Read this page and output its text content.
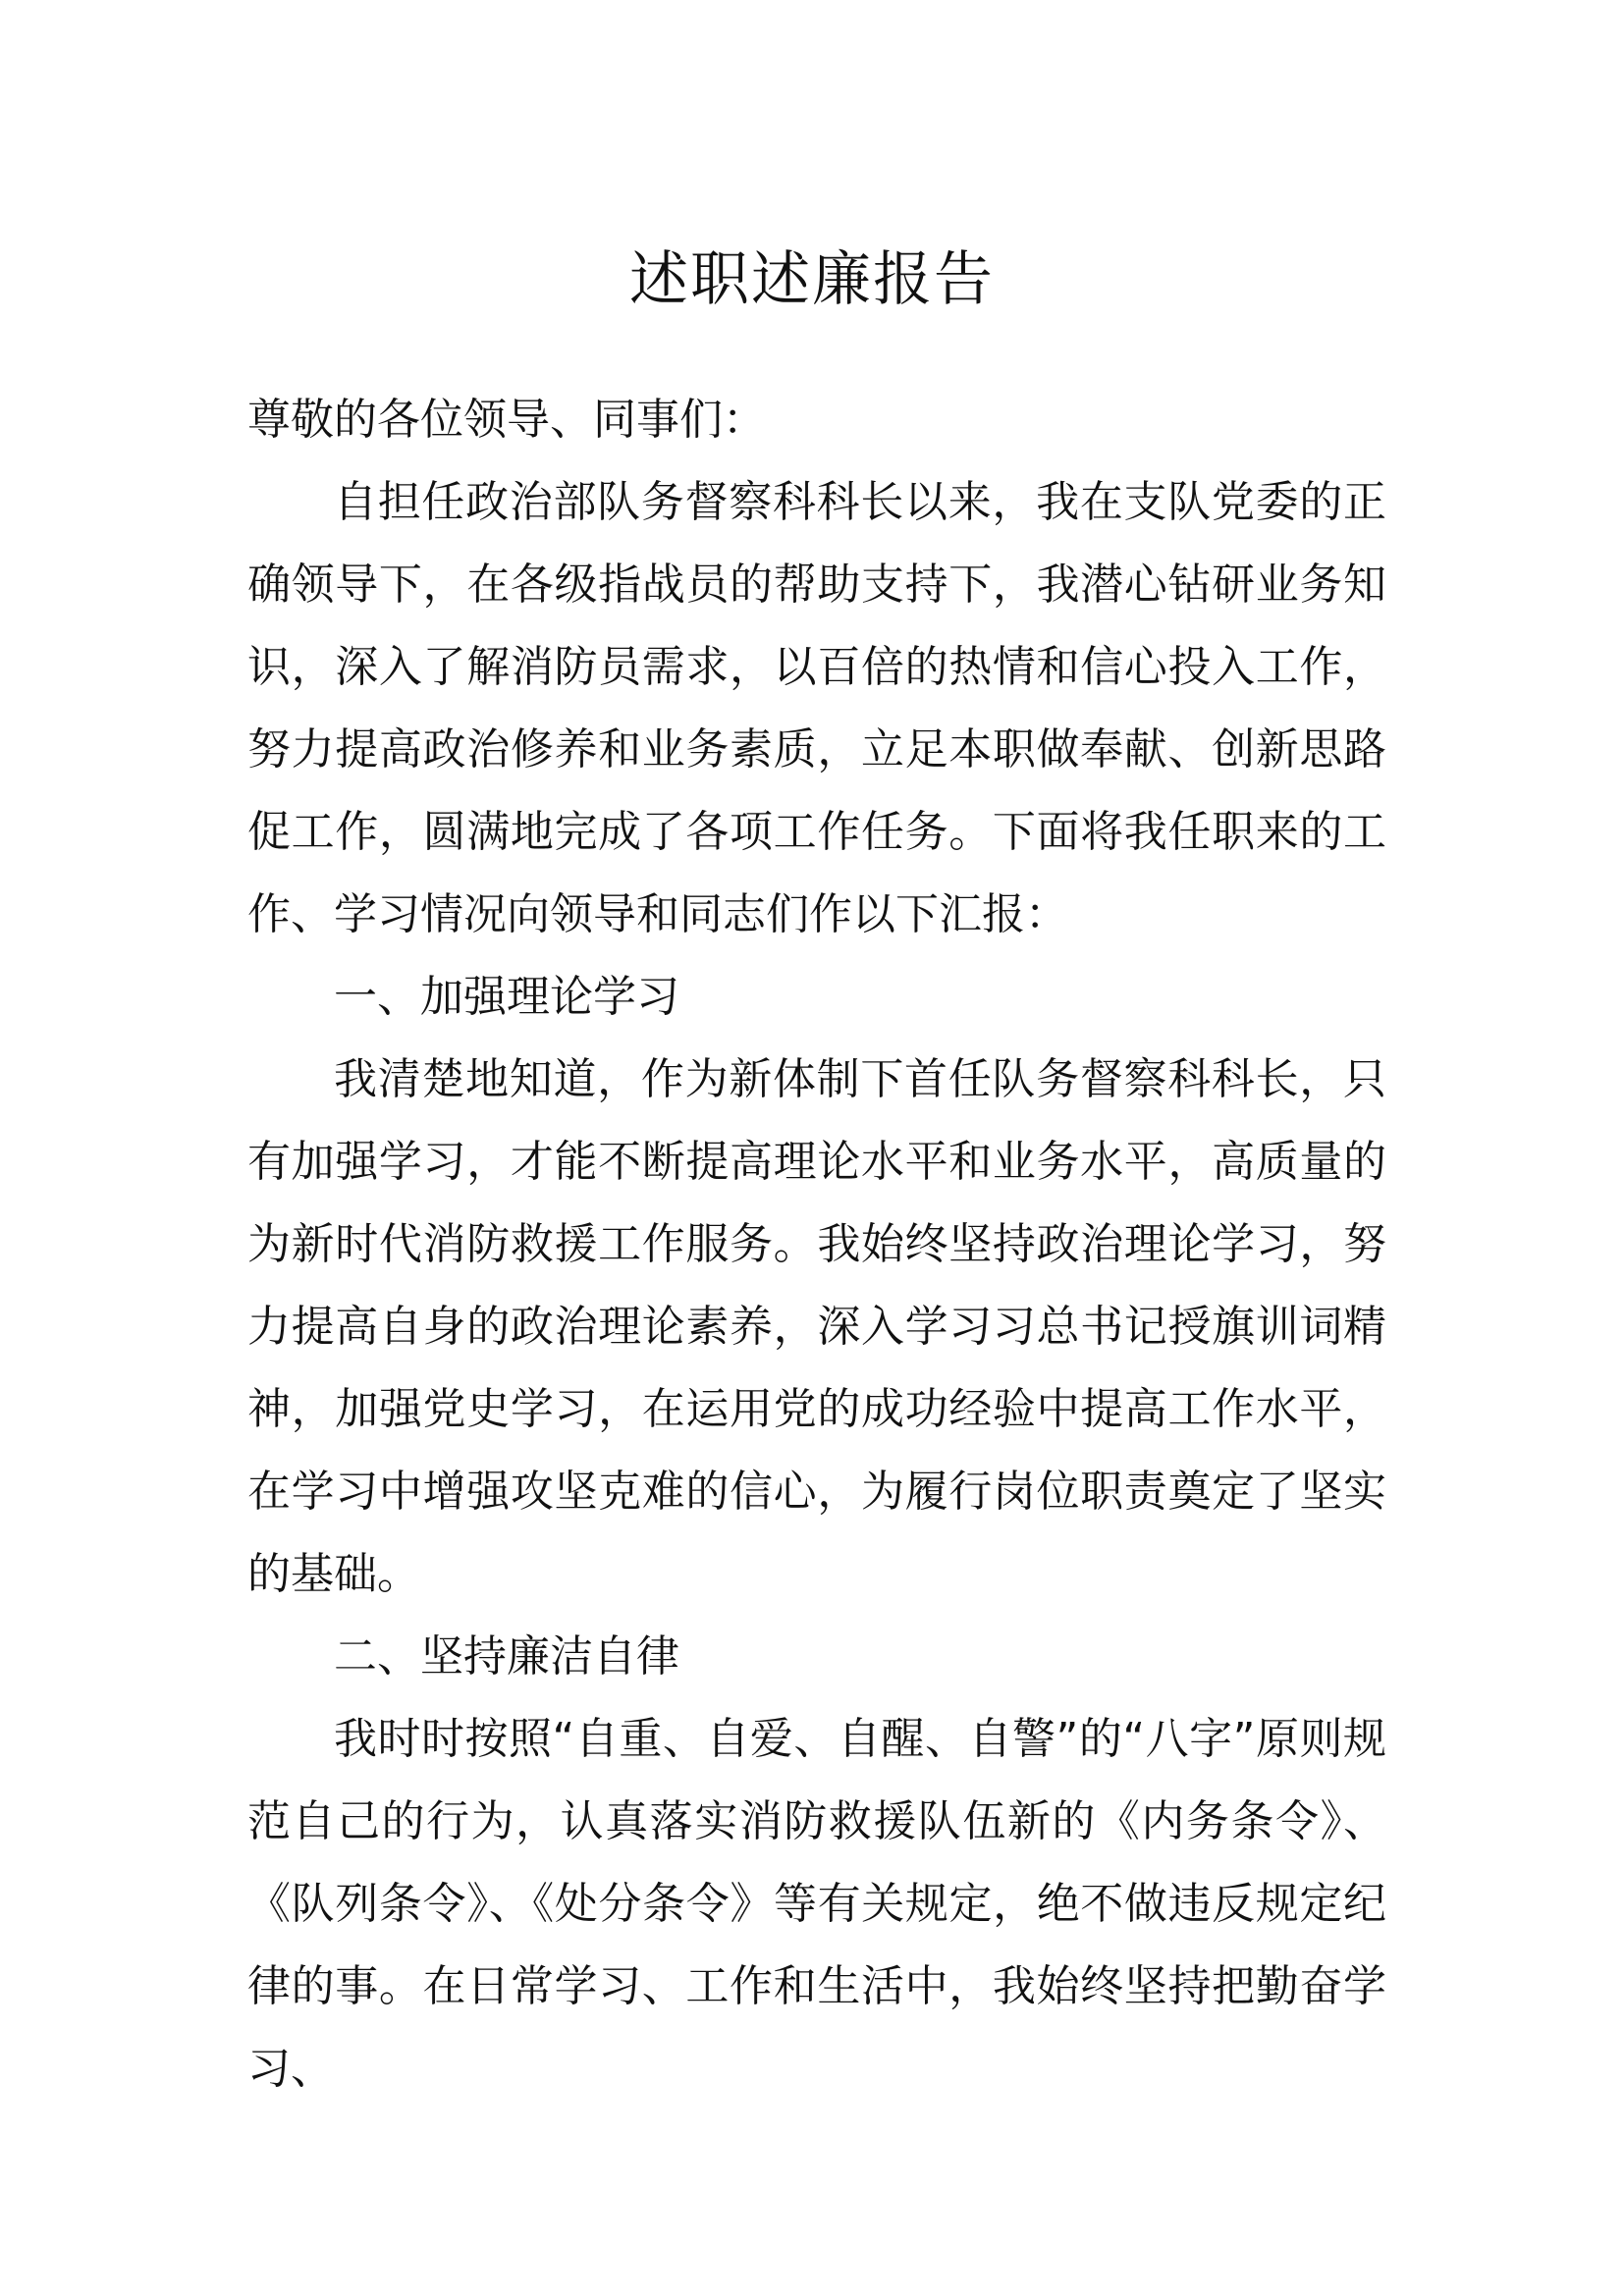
述职述廉报告

尊敬的各位领导、同事们：

自担任政治部队务督察科科长以来，我在支队党委的正确领导下，在各级指战员的帮助支持下，我潜心钻研业务知识，深入了解消防员需求，以百倍的热情和信心投入工作，努力提高政治修养和业务素质，立足本职做奉献、创新思路促工作，圆满地完成了各项工作任务。下面将我任职来的工作、学习情况向领导和同志们作以下汇报：

一、加强理论学习

我清楚地知道，作为新体制下首任队务督察科科长，只有加强学习，才能不断提高理论水平和业务水平，高质量的为新时代消防救援工作服务。我始终坚持政治理论学习，努力提高自身的政治理论素养，深入学习习总书记授旗训词精神，加强党史学习，在运用党的成功经验中提高工作水平，在学习中增强攻坚克难的信心，为履行岗位职责奠定了坚实的基础。

二、坚持廉洁自律

我时时按照“自重、自爱、自醒、自警”的“八字”原则规范自己的行为，认真落实消防救援队伍新的《内务条令》、《队列条令》、《处分条令》等有关规定，绝不做违反规定纪律的事。在日常学习、工作和生活中，我始终坚持把勤奋学习、
